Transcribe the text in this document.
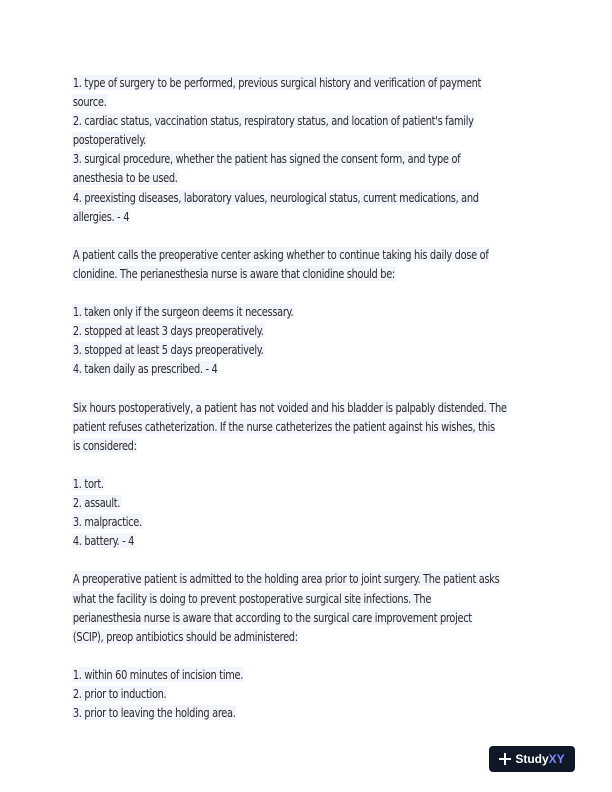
1. type of surgery to be performed, previous surgical history and verification of payment
source.
2. cardiac status, vaccination status, respiratory status, and location of patient's family
postoperatively.
3. surgical procedure, whether the patient has signed the consent form, and type of
anesthesia to be used.
4. preexisting diseases, laboratory values, neurological status, current medications, and
allergies. - 4
A patient calls the preoperative center asking whether to continue taking his daily dose of
clonidine. The perianesthesia nurse is aware that clonidine should be:
1. taken only if the surgeon deems it necessary.
2. stopped at least 3 days preoperatively.
3. stopped at least 5 days preoperatively.
4. taken daily as prescribed. - 4
Six hours postoperatively, a patient has not voided and his bladder is palpably distended. The
patient refuses catheterization. If the nurse catheterizes the patient against his wishes, this
is considered:
1. tort.
2. assault.
3. malpractice.
4. battery. - 4
A preoperative patient is admitted to the holding area prior to joint surgery. The patient asks
what the facility is doing to prevent postoperative surgical site infections. The
perianesthesia nurse is aware that according to the surgical care improvement project
(SCIP), preop antibiotics should be administered:
1. within 60 minutes of incision time.
2. prior to induction.
3. prior to leaving the holding area.
StudyXY
